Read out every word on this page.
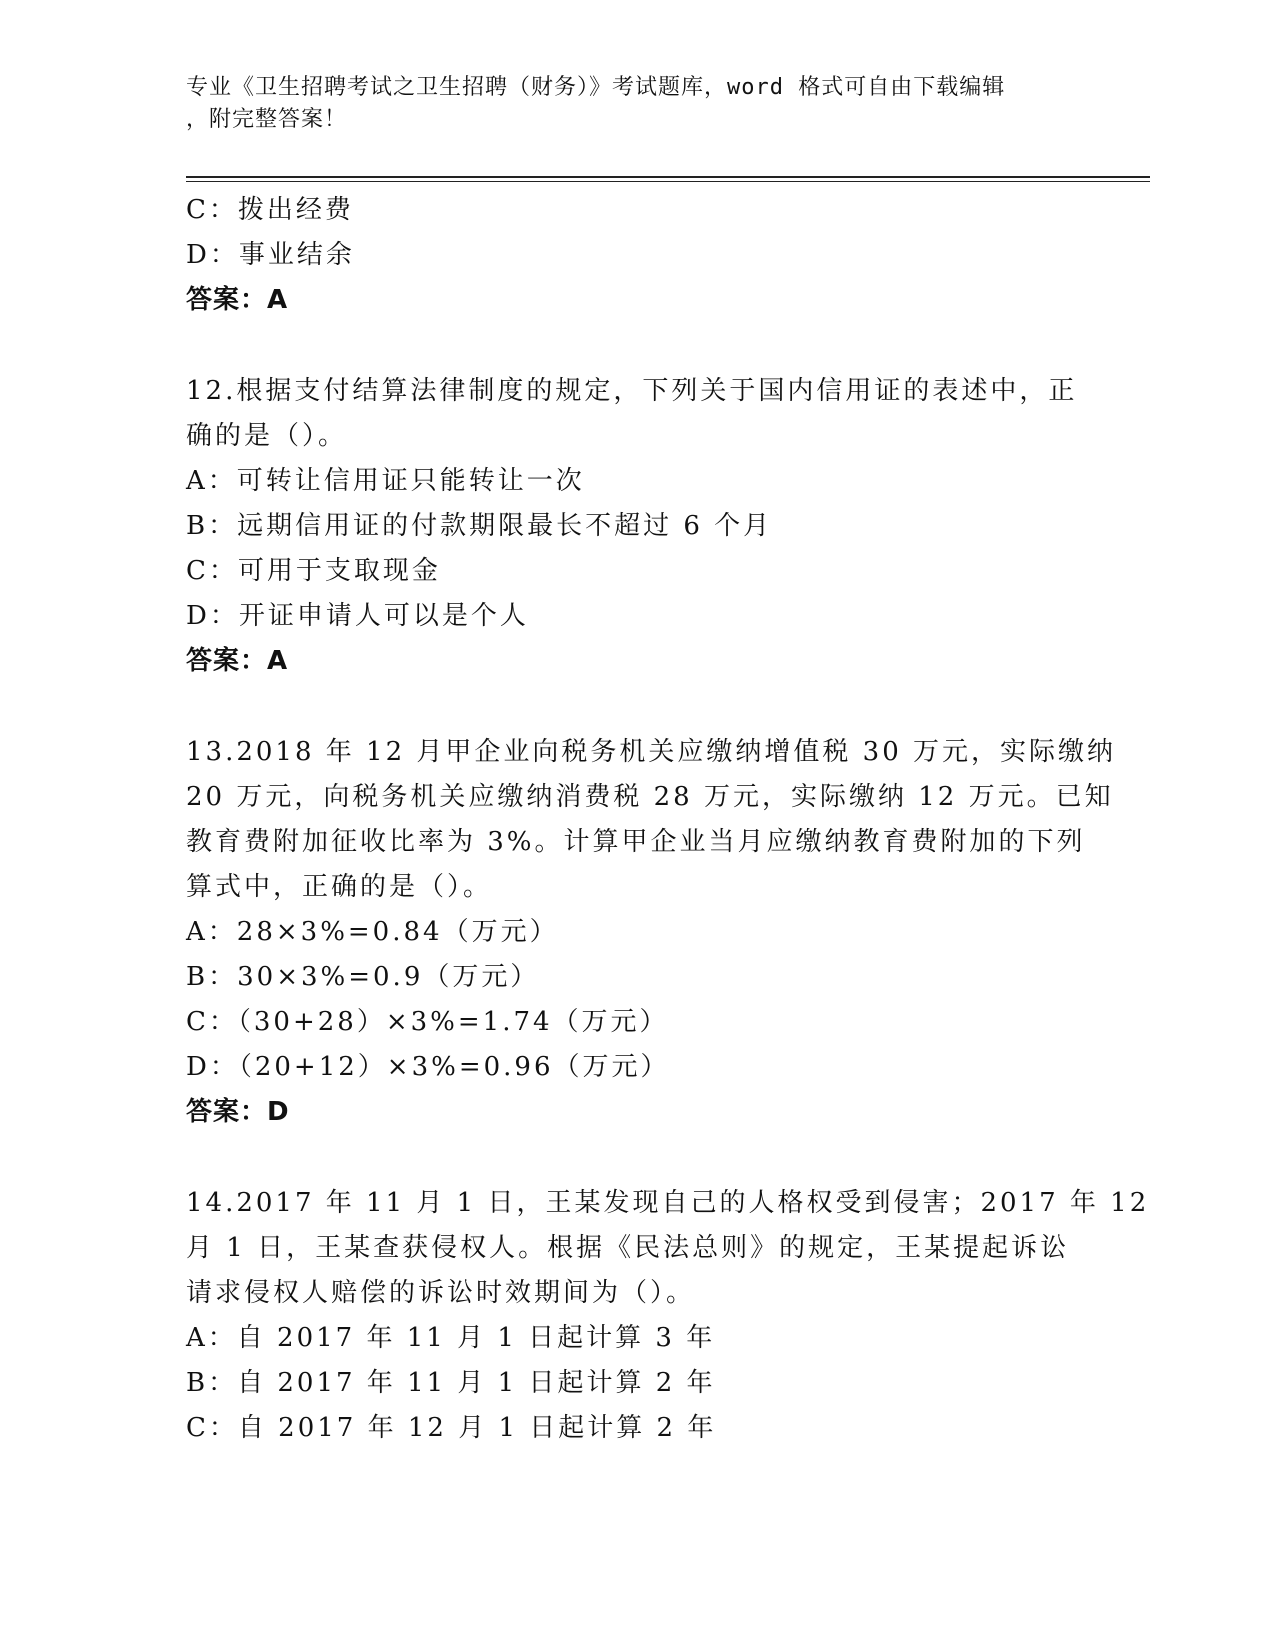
专业《卫生招聘考试之卫生招聘（财务）》考试题库，word 格式可自由下载编辑
，附完整答案！
C：拨出经费
D：事业结余
答案：A
12.根据支付结算法律制度的规定，下列关于国内信用证的表述中，正
确的是（）。
A：可转让信用证只能转让一次
B：远期信用证的付款期限最长不超过 6 个月
C：可用于支取现金
D：开证申请人可以是个人
答案：A
13.2018 年 12 月甲企业向税务机关应缴纳增值税 30 万元，实际缴纳
20 万元，向税务机关应缴纳消费税 28 万元，实际缴纳 12 万元。已知
教育费附加征收比率为 3%。计算甲企业当月应缴纳教育费附加的下列
算式中，正确的是（）。
A：28×3%=0.84（万元）
B：30×3%=0.9（万元）
C：（30+28）×3%=1.74（万元）
D：（20+12）×3%=0.96（万元）
答案：D
14.2017 年 11 月 1 日，王某发现自己的人格权受到侵害；2017 年 12
月 1 日，王某查获侵权人。根据《民法总则》的规定，王某提起诉讼
请求侵权人赔偿的诉讼时效期间为（）。
A：自 2017 年 11 月 1 日起计算 3 年
B：自 2017 年 11 月 1 日起计算 2 年
C：自 2017 年 12 月 1 日起计算 2 年
